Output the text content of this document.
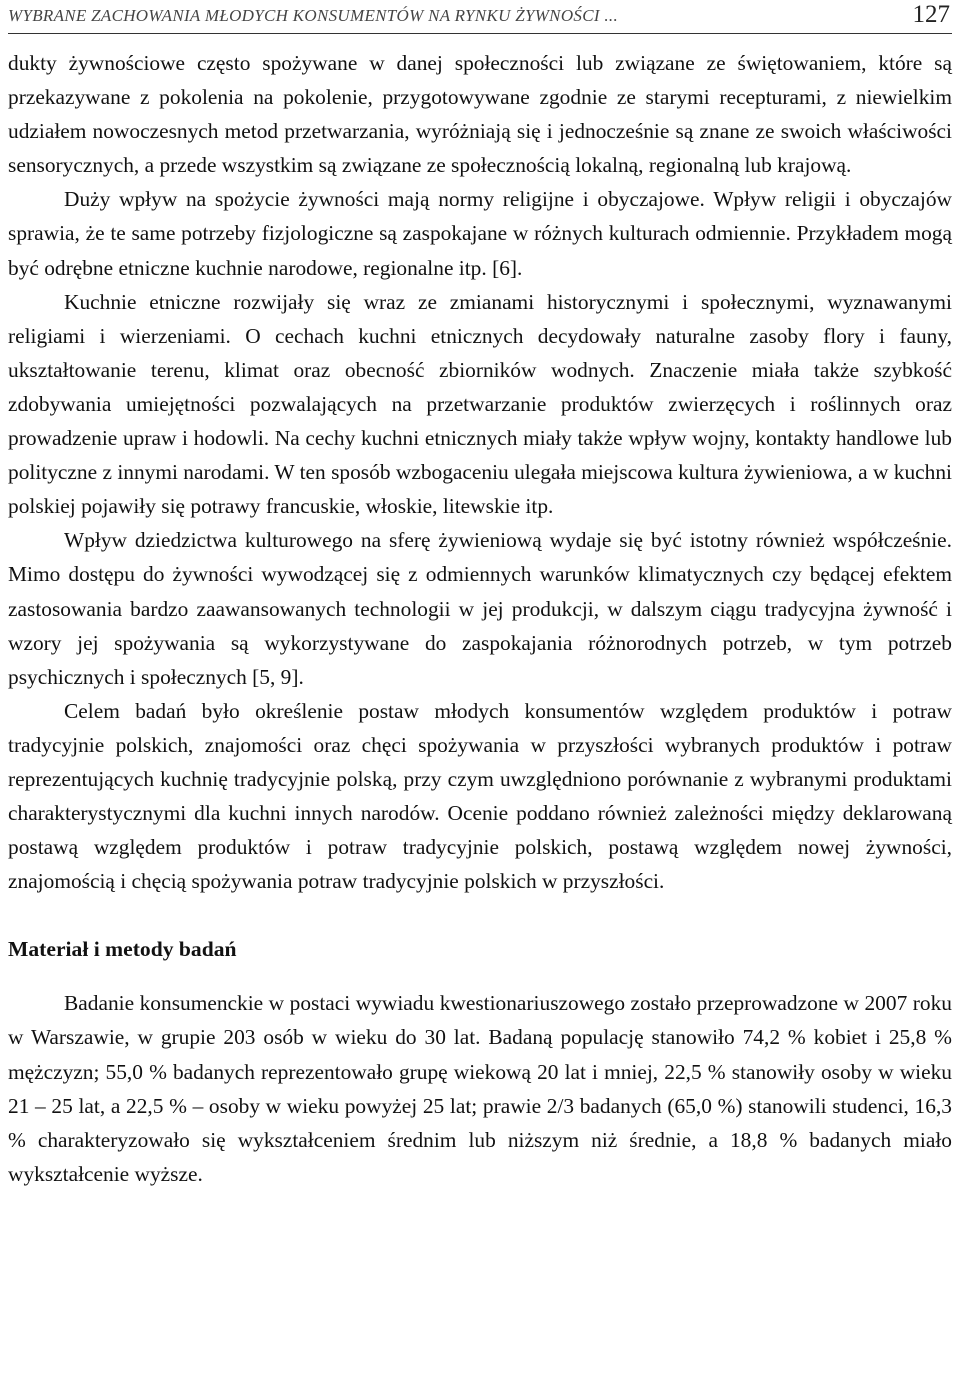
WYBRANE ZACHOWANIA MŁODYCH KONSUMENTÓW NA RYNKU ŻYWNOŚCI ...	127

dukty żywnościowe często spożywane w danej społeczności lub związane ze świętowaniem, które są przekazywane z pokolenia na pokolenie, przygotowywane zgodnie ze starymi recepturami, z niewielkim udziałem nowoczesnych metod przetwarzania, wyróżniają się i jednocześnie są znane ze swoich właściwości sensorycznych, a przede wszystkim są związane ze społecznością lokalną, regionalną lub krajową.

Duży wpływ na spożycie żywności mają normy religijne i obyczajowe. Wpływ religii i obyczajów sprawia, że te same potrzeby fizjologiczne są zaspokajane w różnych kulturach odmiennie. Przykładem mogą być odrębne etniczne kuchnie narodowe, regionalne itp. [6].

Kuchnie etniczne rozwijały się wraz ze zmianami historycznymi i społecznymi, wyznawanymi religiami i wierzeniami. O cechach kuchni etnicznych decydowały naturalne zasoby flory i fauny, ukształtowanie terenu, klimat oraz obecność zbiorników wodnych. Znaczenie miała także szybkość zdobywania umiejętności pozwalających na przetwarzanie produktów zwierzęcych i roślinnych oraz prowadzenie upraw i hodowli. Na cechy kuchni etnicznych miały także wpływ wojny, kontakty handlowe lub polityczne z innymi narodami. W ten sposób wzbogaceniu ulegała miejscowa kultura żywieniowa, a w kuchni polskiej pojawiły się potrawy francuskie, włoskie, litewskie itp.

Wpływ dziedzictwa kulturowego na sferę żywieniową wydaje się być istotny również współcześnie. Mimo dostępu do żywności wywodzącej się z odmiennych warunków klimatycznych czy będącej efektem zastosowania bardzo zaawansowanych technologii w jej produkcji, w dalszym ciągu tradycyjna żywność i wzory jej spożywania są wykorzystywane do zaspokajania różnorodnych potrzeb, w tym potrzeb psychicznych i społecznych [5, 9].

Celem badań było określenie postaw młodych konsumentów względem produktów i potraw tradycyjnie polskich, znajomości oraz chęci spożywania w przyszłości wybranych produktów i potraw reprezentujących kuchnię tradycyjnie polską, przy czym uwzględniono porównanie z wybranymi produktami charakterystycznymi dla kuchni innych narodów. Ocenie poddano również zależności między deklarowaną postawą względem produktów i potraw tradycyjnie polskich, postawą względem nowej żywności, znajomością i chęcią spożywania potraw tradycyjnie polskich w przyszłości.

Materiał i metody badań

Badanie konsumenckie w postaci wywiadu kwestionariuszowego zostało przeprowadzone w 2007 roku w Warszawie, w grupie 203 osób w wieku do 30 lat. Badaną populację stanowiło 74,2 % kobiet i 25,8 % mężczyzn; 55,0 % badanych reprezentowało grupę wiekową 20 lat i mniej, 22,5 % stanowiły osoby w wieku 21 – 25 lat, a 22,5 % – osoby w wieku powyżej 25 lat; prawie 2/3 badanych (65,0 %) stanowili studenci, 16,3 % charakteryzowało się wykształceniem średnim lub niższym niż średnie, a 18,8 % badanych miało wykształcenie wyższe.
